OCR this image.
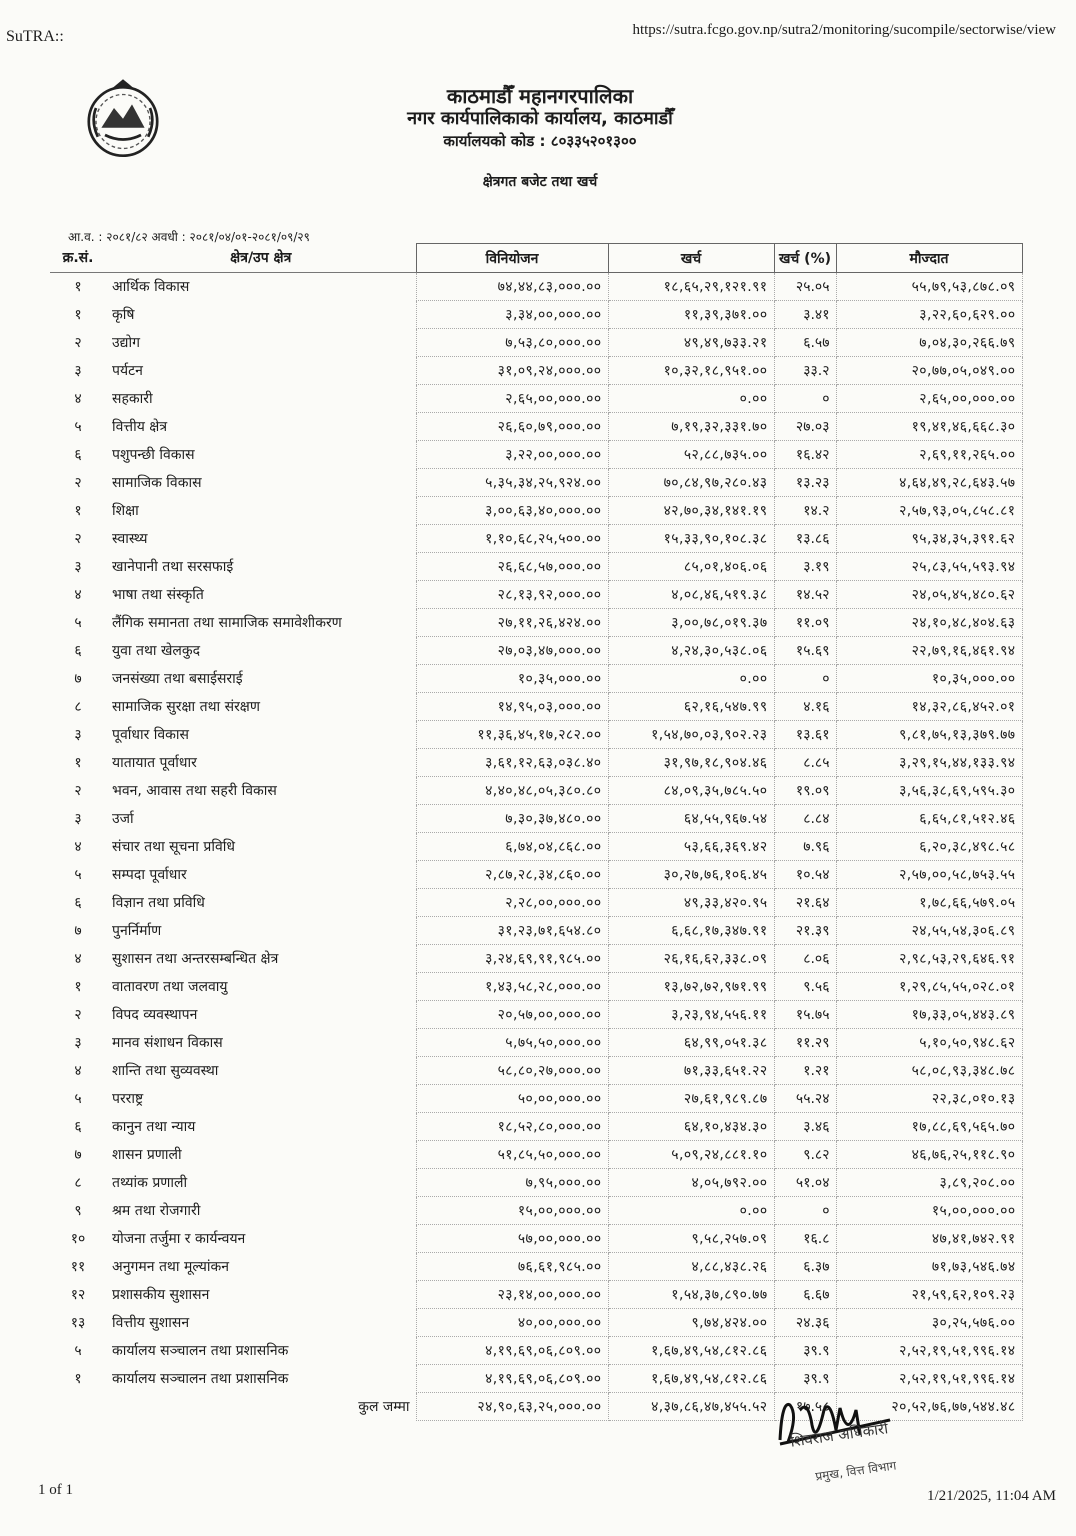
SuTRA::	https://sutra.fcgo.gov.np/sutra2/monitoring/sucompile/sectorwise/view
काठमाडौँ महानगरपालिका
नगर कार्यपालिकाको कार्यालय, काठमाडौँ
कार्यालयको कोड : ८०३३५२०१३००
क्षेत्रगत बजेट तथा खर्च
आ.व. : २०८१/८२ अवधी : २०८१/०४/०१-२०८१/०९/२९
क्र.सं.	क्षेत्र/उप क्षेत्र	विनियोजन	खर्च	खर्च (%)	मौज्दात
१	आर्थिक विकास	७४,४४,८३,०००.००	१८,६५,२९,१२१.९१	२५.०५	५५,७९,५३,८७८.०९
१	कृषि	३,३४,००,०००.००	११,३९,३७१.००	३.४१	३,२२,६०,६२९.००
२	उद्योग	७,५३,८०,०००.००	४९,४९,७३३.२१	६.५७	७,०४,३०,२६६.७९
३	पर्यटन	३१,०९,२४,०००.००	१०,३२,१८,९५१.००	३३.२	२०,७७,०५,०४९.००
४	सहकारी	२,६५,००,०००.००	०.००	०	२,६५,००,०००.००
५	वित्तीय क्षेत्र	२६,६०,७९,०००.००	७,१९,३२,३३१.७०	२७.०३	१९,४१,४६,६६८.३०
६	पशुपन्छी विकास	३,२२,००,०००.००	५२,८८,७३५.००	१६.४२	२,६९,११,२६५.००
२	सामाजिक विकास	५,३५,३४,२५,९२४.००	७०,८४,९७,२८०.४३	१३.२३	४,६४,४९,२८,६४३.५७
१	शिक्षा	३,००,६३,४०,०००.००	४२,७०,३४,१४१.१९	१४.२	२,५७,९३,०५,८५८.८१
२	स्वास्थ्य	१,१०,६८,२५,५००.००	१५,३३,९०,१०८.३८	१३.८६	९५,३४,३५,३९१.६२
३	खानेपानी तथा सरसफाई	२६,६८,५७,०००.००	८५,०१,४०६.०६	३.१९	२५,८३,५५,५९३.९४
४	भाषा तथा संस्कृति	२८,१३,९२,०००.००	४,०८,४६,५१९.३८	१४.५२	२४,०५,४५,४८०.६२
५	लैंगिक समानता तथा सामाजिक समावेशीकरण	२७,११,२६,४२४.००	३,००,७८,०१९.३७	११.०९	२४,१०,४८,४०४.६३
६	युवा तथा खेलकुद	२७,०३,४७,०००.००	४,२४,३०,५३८.०६	१५.६९	२२,७९,१६,४६१.९४
७	जनसंख्या तथा बसाईसराई	१०,३५,०००.००	०.००	०	१०,३५,०००.००
८	सामाजिक सुरक्षा तथा संरक्षण	१४,९५,०३,०००.००	६२,१६,५४७.९९	४.१६	१४,३२,८६,४५२.०१
३	पूर्वाधार विकास	११,३६,४५,१७,२८२.००	१,५४,७०,०३,९०२.२३	१३.६१	९,८१,७५,१३,३७९.७७
१	यातायात पूर्वाधार	३,६१,१२,६३,०३८.४०	३१,९७,१८,९०४.४६	८.८५	३,२९,१५,४४,१३३.९४
२	भवन, आवास तथा सहरी विकास	४,४०,४८,०५,३८०.८०	८४,०९,३५,७८५.५०	१९.०९	३,५६,३८,६९,५९५.३०
३	उर्जा	७,३०,३७,४८०.००	६४,५५,९६७.५४	८.८४	६,६५,८१,५१२.४६
४	संचार तथा सूचना प्रविधि	६,७४,०४,८६८.००	५३,६६,३६९.४२	७.९६	६,२०,३८,४९८.५८
५	सम्पदा पूर्वाधार	२,८७,२८,३४,८६०.००	३०,२७,७६,१०६.४५	१०.५४	२,५७,००,५८,७५३.५५
६	विज्ञान तथा प्रविधि	२,२८,००,०००.००	४९,३३,४२०.९५	२१.६४	१,७८,६६,५७९.०५
७	पुनर्निर्माण	३१,२३,७१,६५४.८०	६,६८,१७,३४७.९१	२१.३९	२४,५५,५४,३०६.८९
४	सुशासन तथा अन्तरसम्बन्धित क्षेत्र	३,२४,६९,९१,९८५.००	२६,१६,६२,३३८.०९	८.०६	२,९८,५३,२९,६४६.९१
१	वातावरण तथा जलवायु	१,४३,५८,२८,०००.००	१३,७२,७२,९७१.९९	९.५६	१,२९,८५,५५,०२८.०१
२	विपद व्यवस्थापन	२०,५७,००,०००.००	३,२३,९४,५५६.११	१५.७५	१७,३३,०५,४४३.८९
३	मानव संशाधन विकास	५,७५,५०,०००.००	६४,९९,०५१.३८	११.२९	५,१०,५०,९४८.६२
४	शान्ति तथा सुव्यवस्था	५८,८०,२७,०००.००	७१,३३,६५१.२२	१.२१	५८,०८,९३,३४८.७८
५	परराष्ट्र	५०,००,०००.००	२७,६१,९८९.८७	५५.२४	२२,३८,०१०.१३
६	कानुन तथा न्याय	१८,५२,८०,०००.००	६४,१०,४३४.३०	३.४६	१७,८८,६९,५६५.७०
७	शासन प्रणाली	५१,८५,५०,०००.००	५,०९,२४,८८१.१०	९.८२	४६,७६,२५,११८.९०
८	तथ्यांक प्रणाली	७,९५,०००.००	४,०५,७९२.००	५१.०४	३,८९,२०८.००
९	श्रम तथा रोजगारी	१५,००,०००.००	०.००	०	१५,००,०००.००
१०	योजना तर्जुमा र कार्यन्वयन	५७,००,०००.००	९,५८,२५७.०९	१६.८	४७,४१,७४२.९१
११	अनुगमन तथा मूल्यांकन	७६,६१,९८५.००	४,८८,४३८.२६	६.३७	७१,७३,५४६.७४
१२	प्रशासकीय सुशासन	२३,१४,००,०००.००	१,५४,३७,८९०.७७	६.६७	२१,५९,६२,१०९.२३
१३	वित्तीय सुशासन	४०,००,०००.००	९,७४,४२४.००	२४.३६	३०,२५,५७६.००
५	कार्यालय सञ्चालन तथा प्रशासनिक	४,१९,६९,०६,८०९.००	१,६७,४९,५४,८१२.८६	३९.९	२,५२,१९,५१,९९६.१४
१	कार्यालय सञ्चालन तथा प्रशासनिक	४,१९,६९,०६,८०९.००	१,६७,४९,५४,८१२.८६	३९.९	२,५२,१९,५१,९९६.१४
	कुल जम्मा	२४,९०,६३,२५,०००.००	४,३७,८६,४७,४५५.५२	१७.५८	२०,५२,७६,७७,५४४.४८
शिवराज अधिकारी
प्रमुख, वित्त विभाग
1 of 1	1/21/2025, 11:04 AM
